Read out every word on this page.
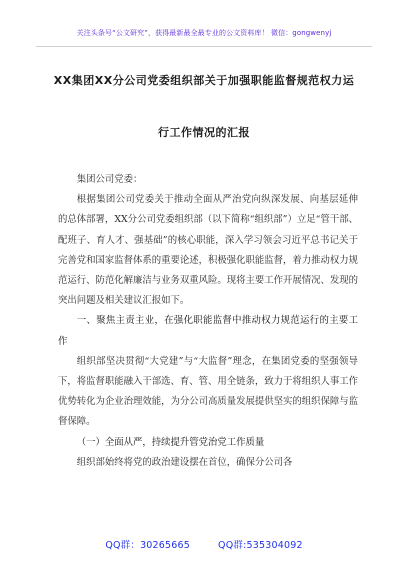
关注头条号“公文研究”，获得最新最全最专业的公文资料库！ 微信：gongwenyj
XX集团XX分公司党委组织部关于加强职能监督规范权力运
行工作情况的汇报

集团公司党委：

根据集团公司党委关于推动全面从严治党向纵深发展、向基层延伸的总体部署，XX分公司党委组织部（以下简称“组织部”）立足“管干部、配班子、育人才、强基础”的核心职能，深入学习领会习近平总书记关于完善党和国家监督体系的重要论述，积极强化职能监督，着力推动权力规范运行、防范化解廉洁与业务双重风险。现将主要工作开展情况、发现的突出问题及相关建议汇报如下。

一、聚焦主责主业，在强化职能监督中推动权力规范运行的主要工作

组织部坚决贯彻“大党建”与“大监督”理念，在集团党委的坚强领导下，将监督职能融入干部选、育、管、用全链条，致力于将组织人事工作优势转化为企业治理效能，为分公司高质量发展提供坚实的组织保障与监督保障。

（一）全面从严，持续提升管党治党工作质量

组织部始终将党的政治建设摆在首位，确保分公司各

QQ群：30265665	QQ群:535304092
